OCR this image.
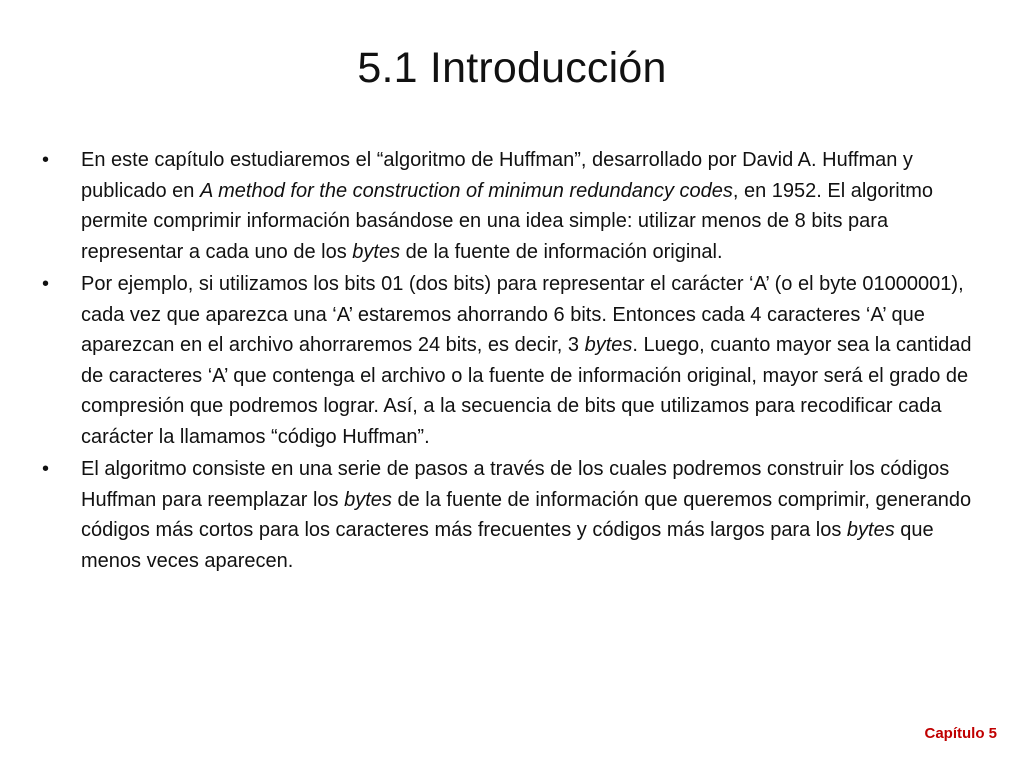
5.1 Introducción
• En este capítulo estudiaremos el “algoritmo de Huffman”, desarrollado por David A. Huffman y publicado en A method for the construction of minimun redundancy codes, en 1952. El algoritmo permite comprimir información basándose en una idea simple: utilizar menos de 8 bits para representar a cada uno de los bytes de la fuente de información original.
• Por ejemplo, si utilizamos los bits 01 (dos bits) para representar el carácter ‘A’ (o el byte 01000001), cada vez que aparezca una ‘A’ estaremos ahorrando 6 bits. Entonces cada 4 caracteres ‘A’ que aparezcan en el archivo ahorraremos 24 bits, es decir, 3 bytes. Luego, cuanto mayor sea la cantidad de caracteres ‘A’ que contenga el archivo o la fuente de información original, mayor será el grado de compresión que podremos lograr. Así, a la secuencia de bits que utilizamos para recodificar cada carácter la llamamos “código Huffman”.
• El algoritmo consiste en una serie de pasos a través de los cuales podremos construir los códigos Huffman para reemplazar los bytes de la fuente de información que queremos comprimir, generando códigos más cortos para los caracteres más frecuentes y códigos más largos para los bytes que menos veces aparecen.
Capítulo 5
